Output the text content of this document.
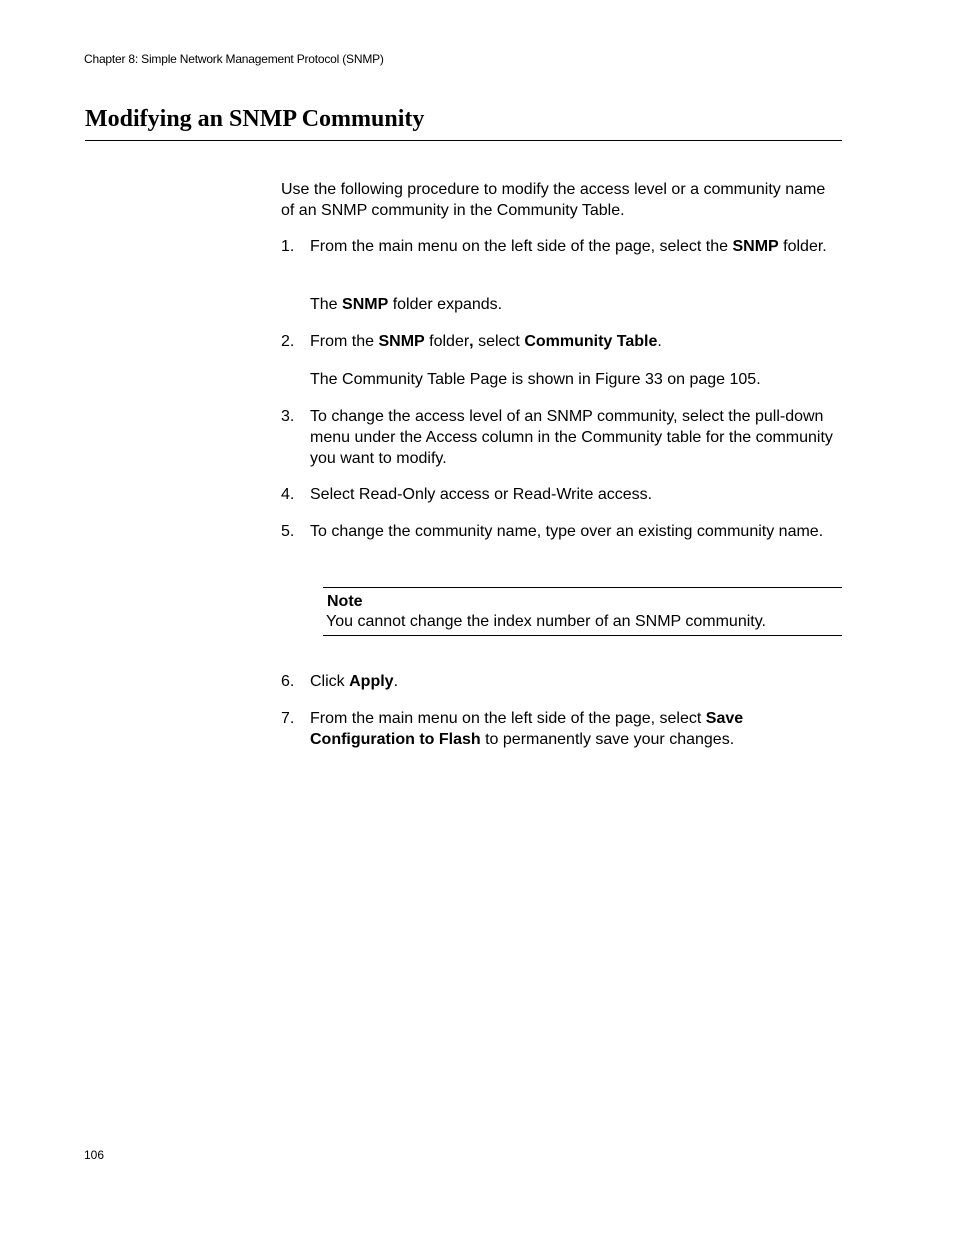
Chapter 8: Simple Network Management Protocol (SNMP)
Modifying an SNMP Community
Use the following procedure to modify the access level or a community name of an SNMP community in the Community Table.
1. From the main menu on the left side of the page, select the SNMP folder.
The SNMP folder expands.
2. From the SNMP folder, select Community Table.
The Community Table Page is shown in Figure 33 on page 105.
3. To change the access level of an SNMP community, select the pull-down menu under the Access column in the Community table for the community you want to modify.
4. Select Read-Only access or Read-Write access.
5. To change the community name, type over an existing community name.
Note
You cannot change the index number of an SNMP community.
6. Click Apply.
7. From the main menu on the left side of the page, select Save Configuration to Flash to permanently save your changes.
106
